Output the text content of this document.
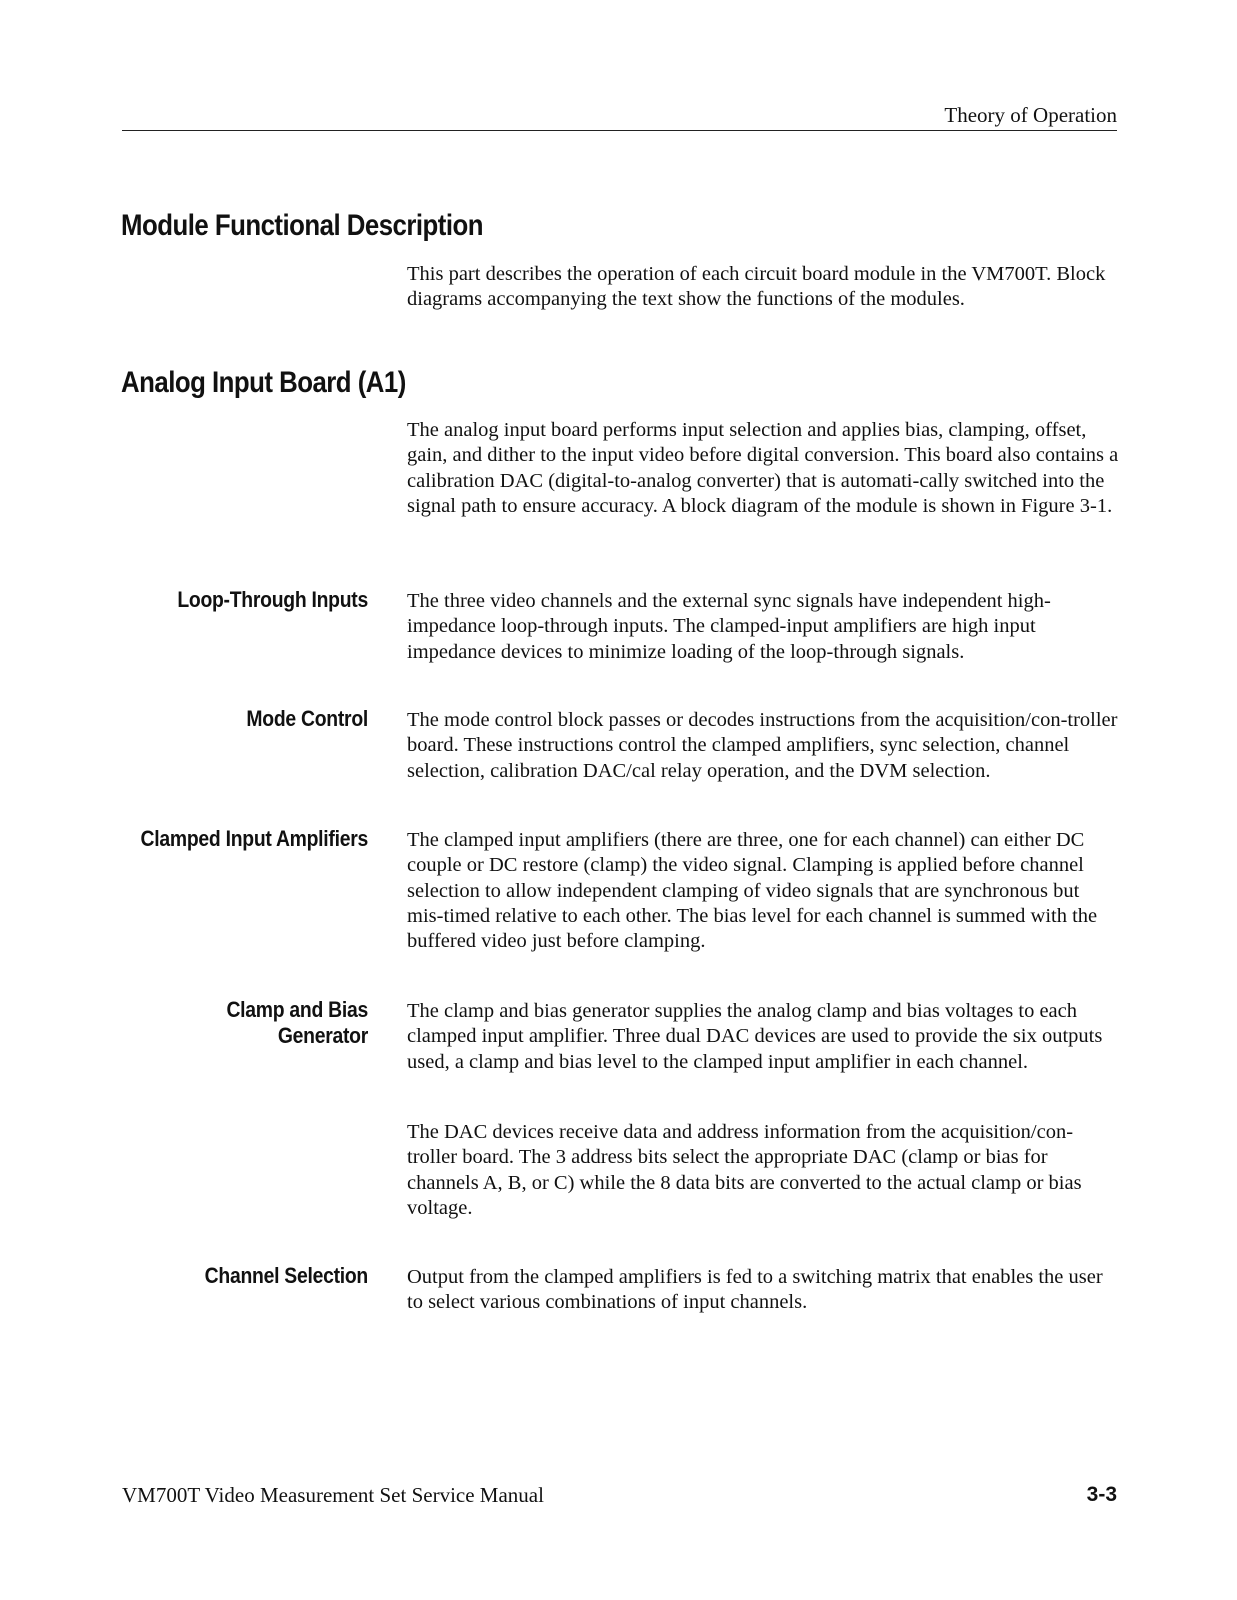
Theory of Operation
Module Functional Description

This part describes the operation of each circuit board module in the VM700T. Block diagrams accompanying the text show the functions of the modules.

Analog Input Board (A1)

The analog input board performs input selection and applies bias, clamping, offset, gain, and dither to the input video before digital conversion. This board also contains a calibration DAC (digital-to-analog converter) that is automati-cally switched into the signal path to ensure accuracy. A block diagram of the module is shown in Figure 3-1.

Loop-Through Inputs The three video channels and the external sync signals have independent high-impedance loop-through inputs. The clamped-input amplifiers are high input impedance devices to minimize loading of the loop-through signals.

Mode Control The mode control block passes or decodes instructions from the acquisition/con-troller board. These instructions control the clamped amplifiers, sync selection, channel selection, calibration DAC/cal relay operation, and the DVM selection.

Clamped Input Amplifiers The clamped input amplifiers (there are three, one for each channel) can either DC couple or DC restore (clamp) the video signal. Clamping is applied before channel selection to allow independent clamping of video signals that are synchronous but mis-timed relative to each other. The bias level for each channel is summed with the buffered video just before clamping.

Clamp and Bias Generator

The clamp and bias generator supplies the analog clamp and bias voltages to each clamped input amplifier. Three dual DAC devices are used to provide the six outputs used, a clamp and bias level to the clamped input amplifier in each channel.

The DAC devices receive data and address information from the acquisition/con-troller board. The 3 address bits select the appropriate DAC (clamp or bias for channels A, B, or C) while the 8 data bits are converted to the actual clamp or bias voltage.

Channel Selection Output from the clamped amplifiers is fed to a switching matrix that enables the user to select various combinations of input channels.

VM700T Video Measurement Set Service Manual	3-3
